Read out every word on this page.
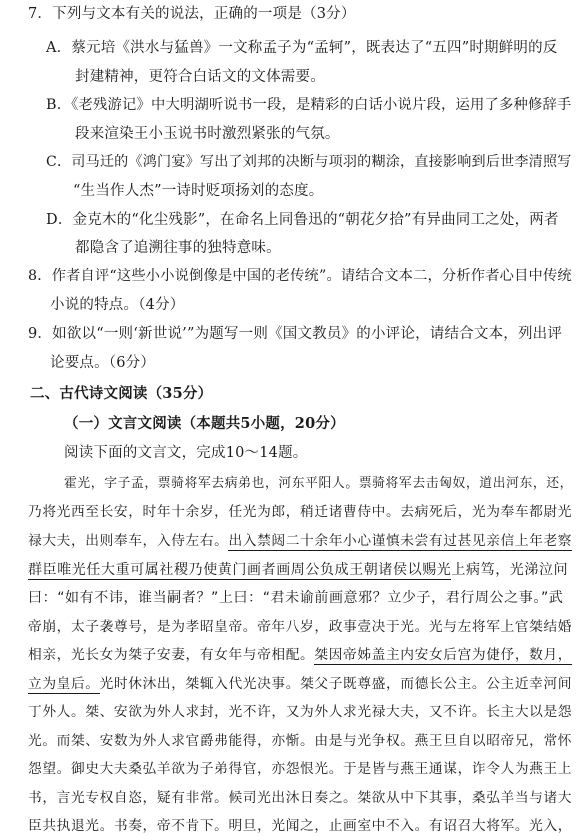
7．下列与文本有关的说法，正确的一项是（3分）
A．蔡元培《洪水与猛兽》一文称孟子为“孟轲”，既表达了“五四”时期鲜明的反
封建精神，更符合白话文的文体需要。
B．《老残游记》中大明湖听说书一段，是精彩的白话小说片段，运用了多种修辞手
段来渲染王小玉说书时激烈紧张的气氛。
C．司马迁的《鸿门宴》写出了刘邦的决断与项羽的糊涂，直接影响到后世李清照写
“生当作人杰”一诗时贬项扬刘的态度。
D．金克木的“化尘残影”，在命名上同鲁迅的“朝花夕拾”有异曲同工之处，两者
都隐含了追溯往事的独特意味。
8．作者自评“这些小小说倒像是中国的老传统”。请结合文本二，分析作者心目中传统
小说的特点。（4分）
9．如欲以“一则‘新世说’”为题写一则《国文教员》的小评论，请结合文本，列出评
论要点。（6分）
二、古代诗文阅读（35分）
（一）文言文阅读（本题共5小题，20分）
阅读下面的文言文，完成10～14题。
霍光，字子孟，票骑将军去病弟也，河东平阳人。票骑将军去击匈奴，道出河东，还，
乃将光西至长安，时年十余岁，任光为郎，稍迁诸曹侍中。去病死后，光为奉车都尉光
禄大夫，出则奉车，入侍左右。出入禁闼二十余年小心谨慎未尝有过甚见亲信上年老察
群臣唯光任大重可属社稷乃使黄门画者画周公负成王朝诸侯以赐光上病笃，光涕泣问
曰：“如有不讳，谁当嗣者？”上曰：“君未谕前画意邪？立少子，君行周公之事。”武
帝崩，太子袭尊号，是为孝昭皇帝。帝年八岁，政事壹决于光。光与左将军上官桀结婚
相亲，光长女为桀子安妻，有女年与帝相配。桀因帝姊盖主内安女后宫为倢伃，数月，
立为皇后。光时休沐出，桀辄入代光决事。桀父子既尊盛，而德长公主。公主近幸河间
丁外人。桀、安欲为外人求封，光不许，又为外人求光禄大夫，又不许。长主大以是怨
光。而桀、安数为外人求官爵弗能得，亦惭。由是与光争权。燕王旦自以昭帝兄，常怀
怨望。御史大夫桑弘羊欲为子弟得官，亦怨恨光。于是皆与燕王通谋，诈令人为燕王上
书，言光专权自恣，疑有非常。候司光出沐日奏之。桀欲从中下其事，桑弘羊当与诸大
臣共执退光。书奏，帝不肯下。明旦，光闻之，止画室中不入。有诏召大将军。光入，
